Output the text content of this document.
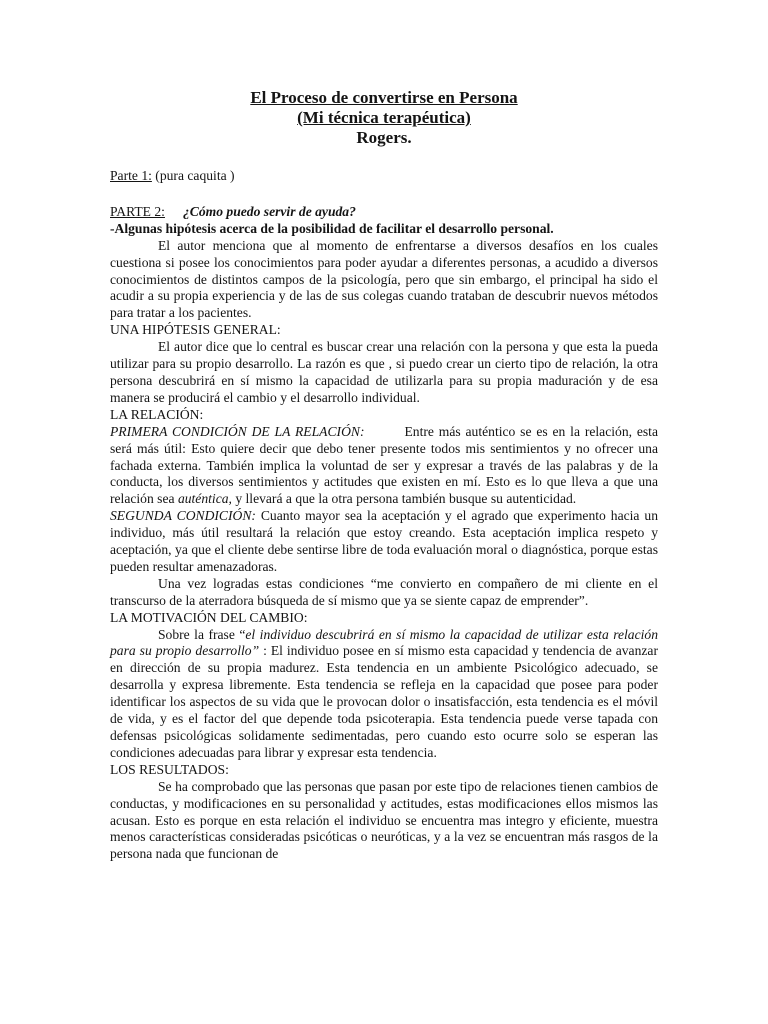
El Proceso de convertirse en Persona
(Mi técnica terapéutica)
Rogers.

Parte 1: (pura caquita )

PARTE 2: ¿Cómo puedo servir de ayuda?

-Algunas hipótesis acerca de la posibilidad de facilitar el desarrollo personal.

El autor menciona que al momento de enfrentarse a diversos desafíos en los cuales cuestiona si posee los conocimientos para poder ayudar a diferentes personas, a acudido a diversos conocimientos de distintos campos de la psicología, pero que sin embargo, el principal ha sido el acudir a su propia experiencia y de las de sus colegas cuando trataban de descubrir nuevos métodos para tratar a los pacientes.

UNA HIPÓTESIS GENERAL:

El autor dice que lo central es buscar crear una relación con la persona y que esta la pueda utilizar para su propio desarrollo. La razón es que , si puedo crear un cierto tipo de relación, la otra persona descubrirá en sí mismo la capacidad de utilizarla para su propia maduración y de esa manera se producirá el cambio y el desarrollo individual.

LA RELACIÓN:

PRIMERA CONDICIÓN DE LA RELACIÓN:	Entre más auténtico se es en la relación, esta será más útil: Esto quiere decir que debo tener presente todos mis sentimientos y no ofrecer una fachada externa. También implica la voluntad de ser y expresar a través de las palabras y de la conducta, los diversos sentimientos y actitudes que existen en mí. Esto es lo que lleva a que una relación sea auténtica, y llevará a que la otra persona también busque su autenticidad.

SEGUNDA CONDICIÓN: Cuanto mayor sea la aceptación y el agrado que experimento hacia un individuo, más útil resultará la relación que estoy creando. Esta aceptación implica respeto y aceptación, ya que el cliente debe sentirse libre de toda evaluación moral o diagnóstica, porque estas pueden resultar amenazadoras.

Una vez logradas estas condiciones “me convierto en compañero de mi cliente en el transcurso de la aterradora búsqueda de sí mismo que ya se siente capaz de emprender”.

LA MOTIVACIÓN DEL CAMBIO:

Sobre la frase “el individuo descubrirá en sí mismo la capacidad de utilizar esta relación para su propio desarrollo” : El individuo posee en sí mismo esta capacidad y tendencia de avanzar en dirección de su propia madurez. Esta tendencia en un ambiente Psicológico adecuado, se desarrolla y expresa libremente. Esta tendencia se refleja en la capacidad que posee para poder identificar los aspectos de su vida que le provocan dolor o insatisfacción, esta tendencia es el móvil de vida, y es el factor del que depende toda psicoterapia. Esta tendencia puede verse tapada con defensas psicológicas solidamente sedimentadas, pero cuando esto ocurre solo se esperan las condiciones adecuadas para librar y expresar esta tendencia.

LOS RESULTADOS:

Se ha comprobado que las personas que pasan por este tipo de relaciones tienen cambios de conductas, y modificaciones en su personalidad y actitudes, estas modificaciones ellos mismos las acusan. Esto es porque en esta relación el individuo se encuentra mas integro y eficiente, muestra menos características consideradas psicóticas o neuróticas, y a la vez se encuentran más rasgos de la persona nada que funcionan de
